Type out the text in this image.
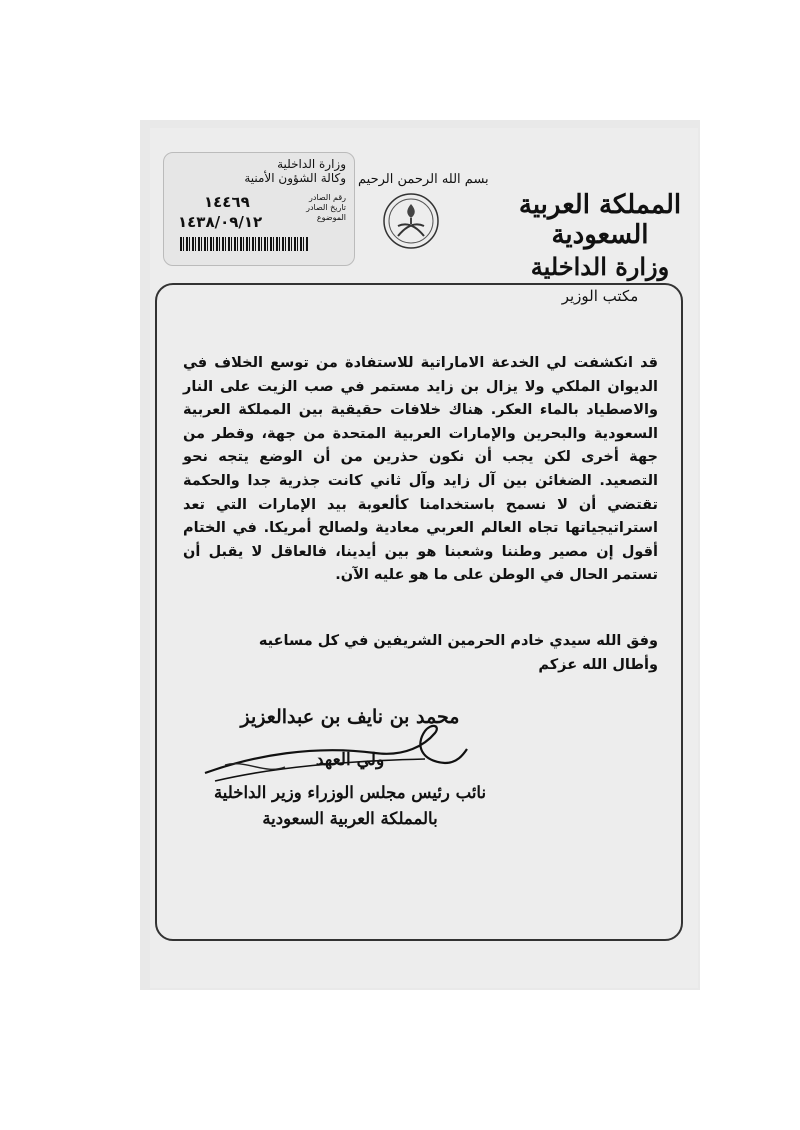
المملكة العربية السعودية
وزارة الداخلية
مكتب الوزير
بسم الله الرحمن الرحيم
وزارة الداخلية
وكالة الشؤون الأمنية
رقم الصادر
تاريخ الصادر
الموضوع
١٤٤٦٩
١٤٣٨/٠٩/١٢

قد انكشفت لي الخدعة الاماراتية للاستفادة من توسع الخلاف في الديوان الملكي ولا يزال بن زايد مستمر في صب الزيت على النار والاصطياد بالماء العكر. هناك خلافات حقيقية بين المملكة العربية السعودية والبحرين والإمارات العربية المتحدة من جهة، وقطر من جهة أخرى لكن يجب أن نكون حذرين من أن الوضع يتجه نحو التصعيد. الضغائن بين آل زايد وآل ثاني كانت جذرية جدا والحكمة تقتضي أن لا نسمح باستخدامنا كألعوبة بيد الإمارات التي تعد استراتيجياتها تجاه العالم العربي معادية ولصالح أمريكا. في الختام أقول إن مصير وطننا وشعبنا هو بين أيدينا، فالعاقل لا يقبل أن تستمر الحال في الوطن على ما هو عليه الآن.

وفق الله سيدي خادم الحرمين الشريفين في كل مساعيه
وأطال الله عزكم
محمد بن نايف بن عبدالعزيز
ولي العهد
نائب رئيس مجلس الوزراء وزير الداخلية
بالمملكة العربية السعودية
